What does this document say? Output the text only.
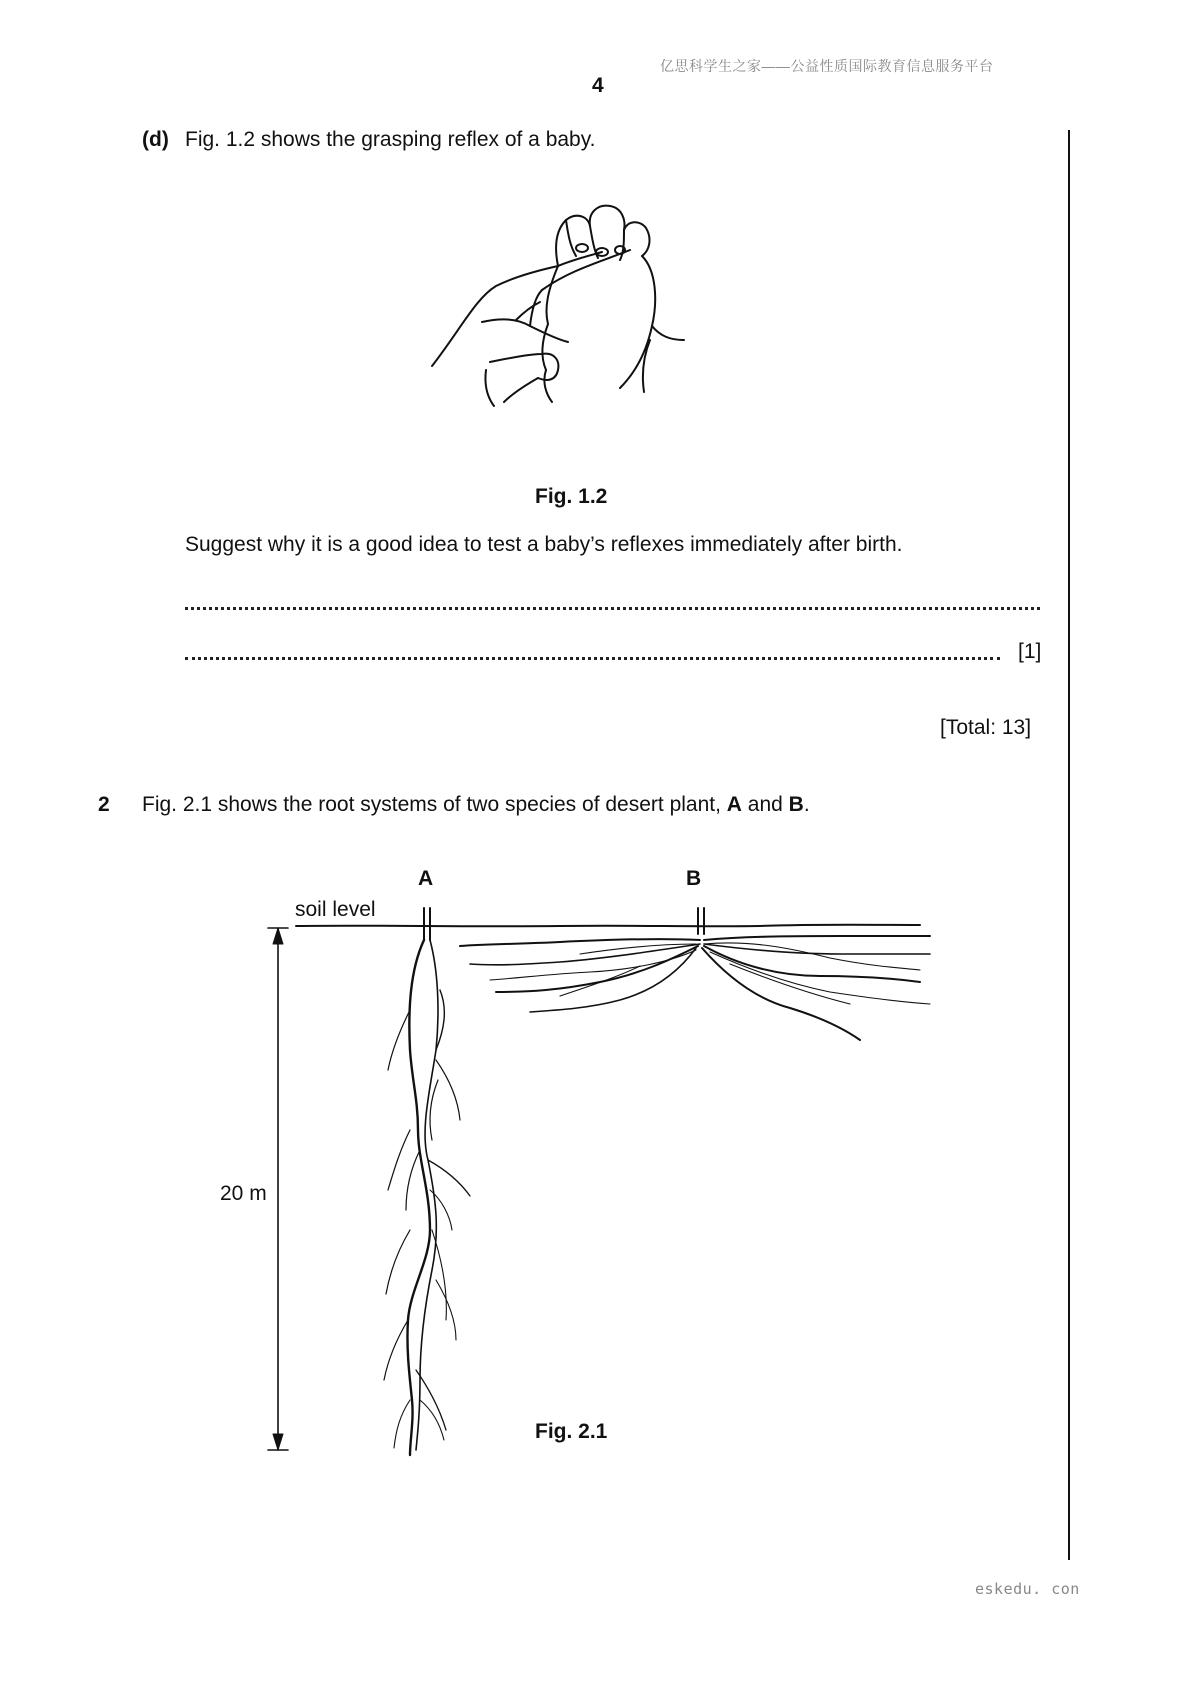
亿思科学生之家——公益性质国际教育信息服务平台
4
(d) Fig. 1.2 shows the grasping reflex of a baby.
Fig. 1.2
Suggest why it is a good idea to test a baby’s reflexes immediately after birth.
[1]
[Total: 13]
2 Fig. 2.1 shows the root systems of two species of desert plant, A and B.
A	B
soil level
20 m
Fig. 2.1
eskedu. con
